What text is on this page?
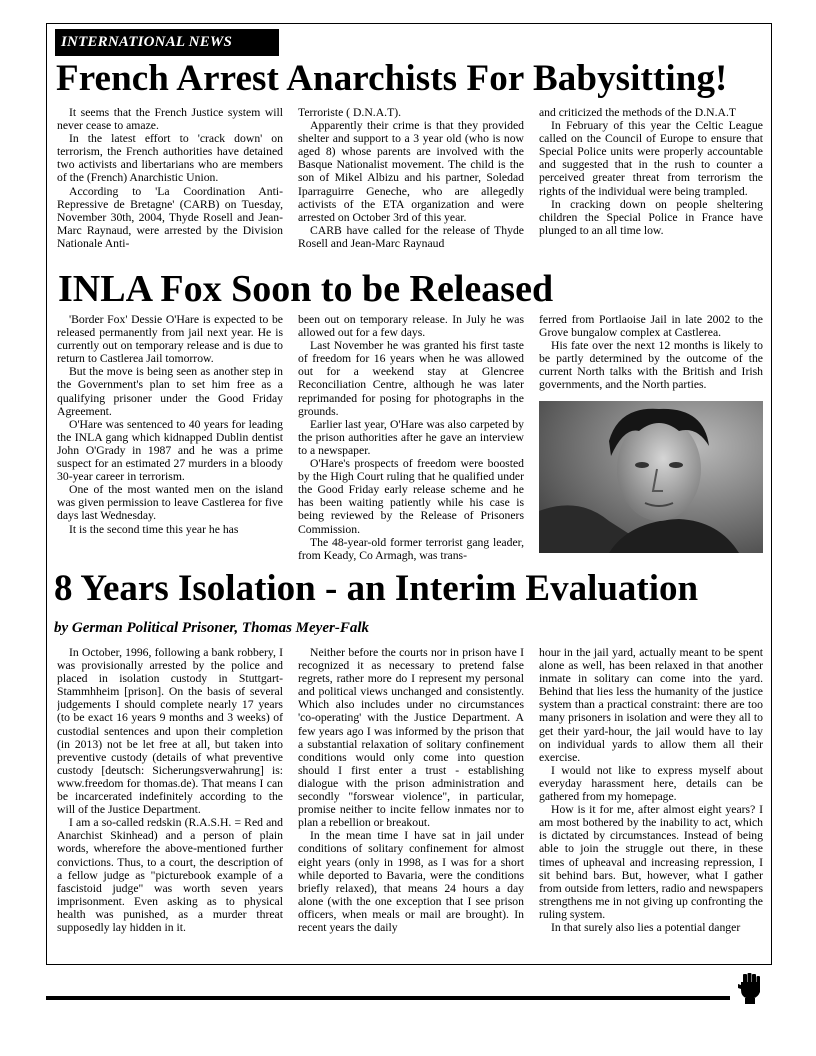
INTERNATIONAL NEWS
French Arrest Anarchists For Babysitting!

It seems that the French Justice system will never cease to amaze.

In the latest effort to 'crack down' on terrorism, the French authorities have detained two activists and libertarians who are members of the (French) Anarchistic Union.

According to 'La Coordination Anti-Repressive de Bretagne' (CARB) on Tuesday, November 30th, 2004, Thyde Rosell and Jean-Marc Raynaud, were arrested by the Division Nationale Anti-

Terroriste ( D.N.A.T).

Apparently their crime is that they provided shelter and support to a 3 year old (who is now aged 8) whose parents are involved with the Basque Nationalist movement. The child is the son of Mikel Albizu and his partner, Soledad Iparraguirre Geneche, who are allegedly activists of the ETA organization and were arrested on October 3rd of this year.

CARB have called for the release of Thyde Rosell and Jean-Marc Raynaud

and criticized the methods of the D.N.A.T

In February of this year the Celtic League called on the Council of Europe to ensure that Special Police units were properly accountable and suggested that in the rush to counter a perceived greater threat from terrorism the rights of the individual were being trampled.

In cracking down on people sheltering children the Special Police in France have plunged to an all time low.

INLA Fox Soon to be Released

'Border Fox' Dessie O'Hare is expected to be released permanently from jail next year. He is currently out on temporary release and is due to return to Castlerea Jail tomorrow.

But the move is being seen as another step in the Government's plan to set him free as a qualifying prisoner under the Good Friday Agreement.

O'Hare was sentenced to 40 years for leading the INLA gang which kidnapped Dublin dentist John O'Grady in 1987 and he was a prime suspect for an estimated 27 murders in a bloody 30-year career in terrorism.

One of the most wanted men on the island was given permission to leave Castlerea for five days last Wednesday.

It is the second time this year he has

been out on temporary release. In July he was allowed out for a few days.

Last November he was granted his first taste of freedom for 16 years when he was allowed out for a weekend stay at Glencree Reconciliation Centre, although he was later reprimanded for posing for photographs in the grounds.

Earlier last year, O'Hare was also carpeted by the prison authorities after he gave an interview to a newspaper.

O'Hare's prospects of freedom were boosted by the High Court ruling that he qualified under the Good Friday early release scheme and he has been waiting patiently while his case is being reviewed by the Release of Prisoners Commission.

The 48-year-old former terrorist gang leader, from Keady, Co Armagh, was trans-

ferred from Portlaoise Jail in late 2002 to the Grove bungalow complex at Castlerea.

His fate over the next 12 months is likely to be partly determined by the outcome of the current North talks with the British and Irish governments, and the North parties.

8 Years Isolation - an Interim Evaluation
by German Political Prisoner, Thomas Meyer-Falk

In October, 1996, following a bank robbery, I was provisionally arrested by the police and placed in isolation custody in Stuttgart-Stammhheim [prison]. On the basis of several judgements I should complete nearly 17 years (to be exact 16 years 9 months and 3 weeks) of custodial sentences and upon their completion (in 2013) not be let free at all, but taken into preventive custody (details of what preventive custody [deutsch: Sicherungsverwahrung] is: www.freedom for thomas.de). That means I can be incarcerated indefinitely according to the will of the Justice Department.

I am a so-called redskin (R.A.S.H. = Red and Anarchist Skinhead) and a person of plain words, wherefore the above-mentioned further convictions. Thus, to a court, the description of a fellow judge as "picturebook example of a fascistoid judge" was worth seven years imprisonment. Even asking as to physical health was punished, as a murder threat supposedly lay hidden in it.

Neither before the courts nor in prison have I recognized it as necessary to pretend false regrets, rather more do I represent my personal and political views unchanged and consistently. Which also includes under no circumstances 'co-operating' with the Justice Department. A few years ago I was informed by the prison that a substantial relaxation of solitary confinement conditions would only come into question should I first enter a trust - establishing dialogue with the prison administration and secondly "forswear violence", in particular, promise neither to incite fellow inmates nor to plan a rebellion or breakout.

In the mean time I have sat in jail under conditions of solitary confinement for almost eight years (only in 1998, as I was for a short while deported to Bavaria, were the conditions briefly relaxed), that means 24 hours a day alone (with the one exception that I see prison officers, when meals or mail are brought). In recent years the daily

hour in the jail yard, actually meant to be spent alone as well, has been relaxed in that another inmate in solitary can come into the yard. Behind that lies less the humanity of the justice system than a practical constraint: there are too many prisoners in isolation and were they all to get their yard-hour, the jail would have to lay on individual yards to allow them all their exercise.

I would not like to express myself about everyday harassment here, details can be gathered from my homepage.

How is it for me, after almost eight years? I am most bothered by the inability to act, which is dictated by circumstances. Instead of being able to join the struggle out there, in these times of upheaval and increasing repression, I sit behind bars. But, however, what I gather from outside from letters, radio and newspapers strengthens me in not giving up confronting the ruling system.

In that surely also lies a potential danger
